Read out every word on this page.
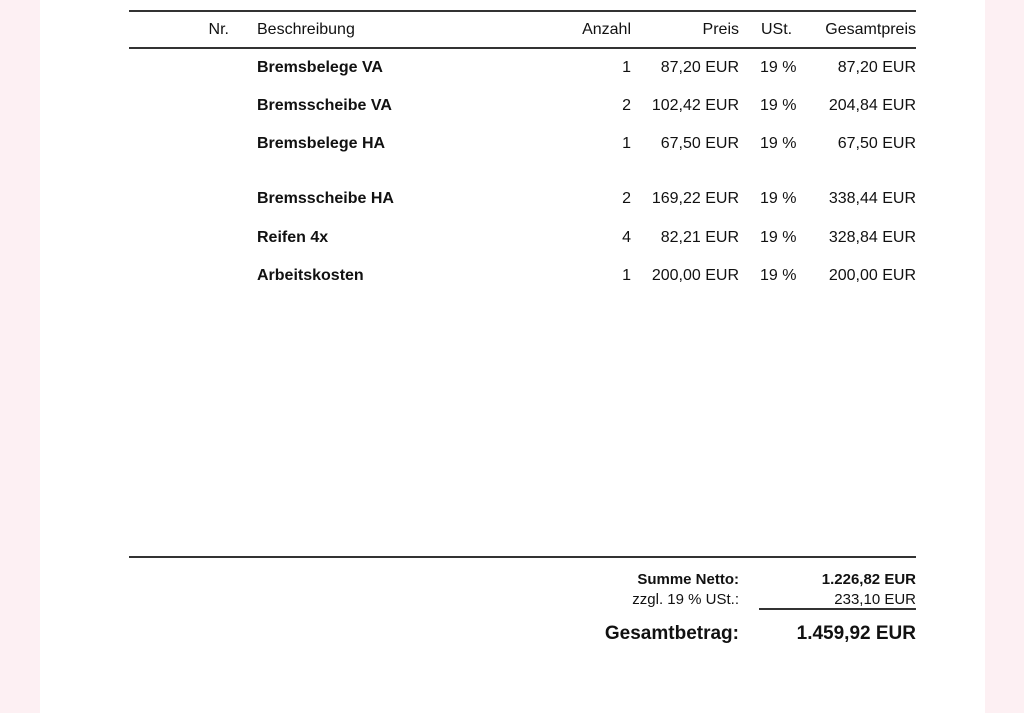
Nr. Beschreibung	Anzahl	Preis USt.	Gesamtpreis
Bremsbelege VA	1	87,20 EUR 19 %	87,20 EUR
Bremsscheibe VA	2	102,42 EUR 19 %	204,84 EUR
Bremsbelege HA	1	67,50 EUR 19 %	67,50 EUR
Bremsscheibe HA	2	169,22 EUR 19 %	338,44 EUR
Reifen 4x	4	82,21 EUR 19 %	328,84 EUR
Arbeitskosten	1	200,00 EUR 19 %	200,00 EUR
Summe Netto:	1.226,82 EUR
zzgl. 19 % USt.:	233,10 EUR
Gesamtbetrag:	1.459,92 EUR
